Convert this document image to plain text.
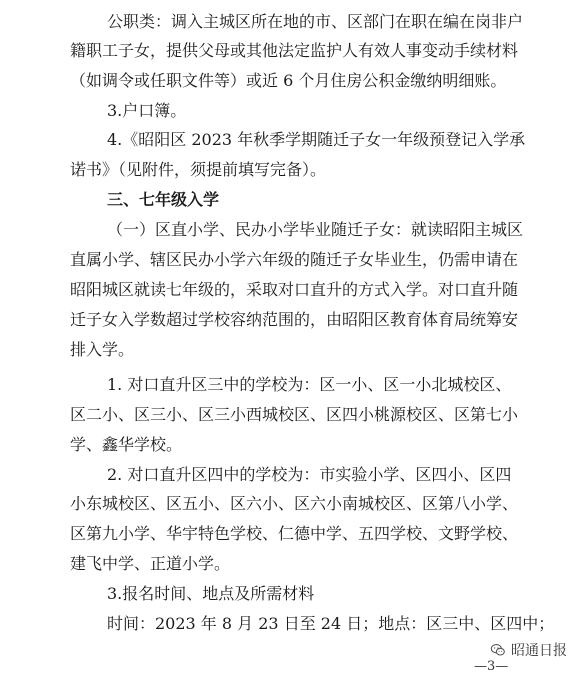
公职类：调入主城区所在地的市、区部门在职在编在岗非户
籍职工子女，提供父母或其他法定监护人有效人事变动手续材料
（如调令或任职文件等）或近 6 个月住房公积金缴纳明细账。
3.户口簿。
4.《昭阳区 2023 年秋季学期随迁子女一年级预登记入学承
诺书》（见附件，须提前填写完备）。
三、七年级入学
（一）区直小学、民办小学毕业随迁子女：就读昭阳主城区
直属小学、辖区民办小学六年级的随迁子女毕业生，仍需申请在
昭阳城区就读七年级的，采取对口直升的方式入学。对口直升随
迁子女入学数超过学校容纳范围的，由昭阳区教育体育局统筹安
排入学。
1. 对口直升区三中的学校为：区一小、区一小北城校区、
区二小、区三小、区三小西城校区、区四小桃源校区、区第七小
学、鑫华学校。
2. 对口直升区四中的学校为：市实验小学、区四小、区四
小东城校区、区五小、区六小、区六小南城校区、区第八小学、
区第九小学、华宇特色学校、仁德中学、五四学校、文野学校、
建飞中学、正道小学。
3.报名时间、地点及所需材料
时间：2023 年 8 月 23 日至 24 日；地点：区三中、区四中；
昭通日报
—3—
